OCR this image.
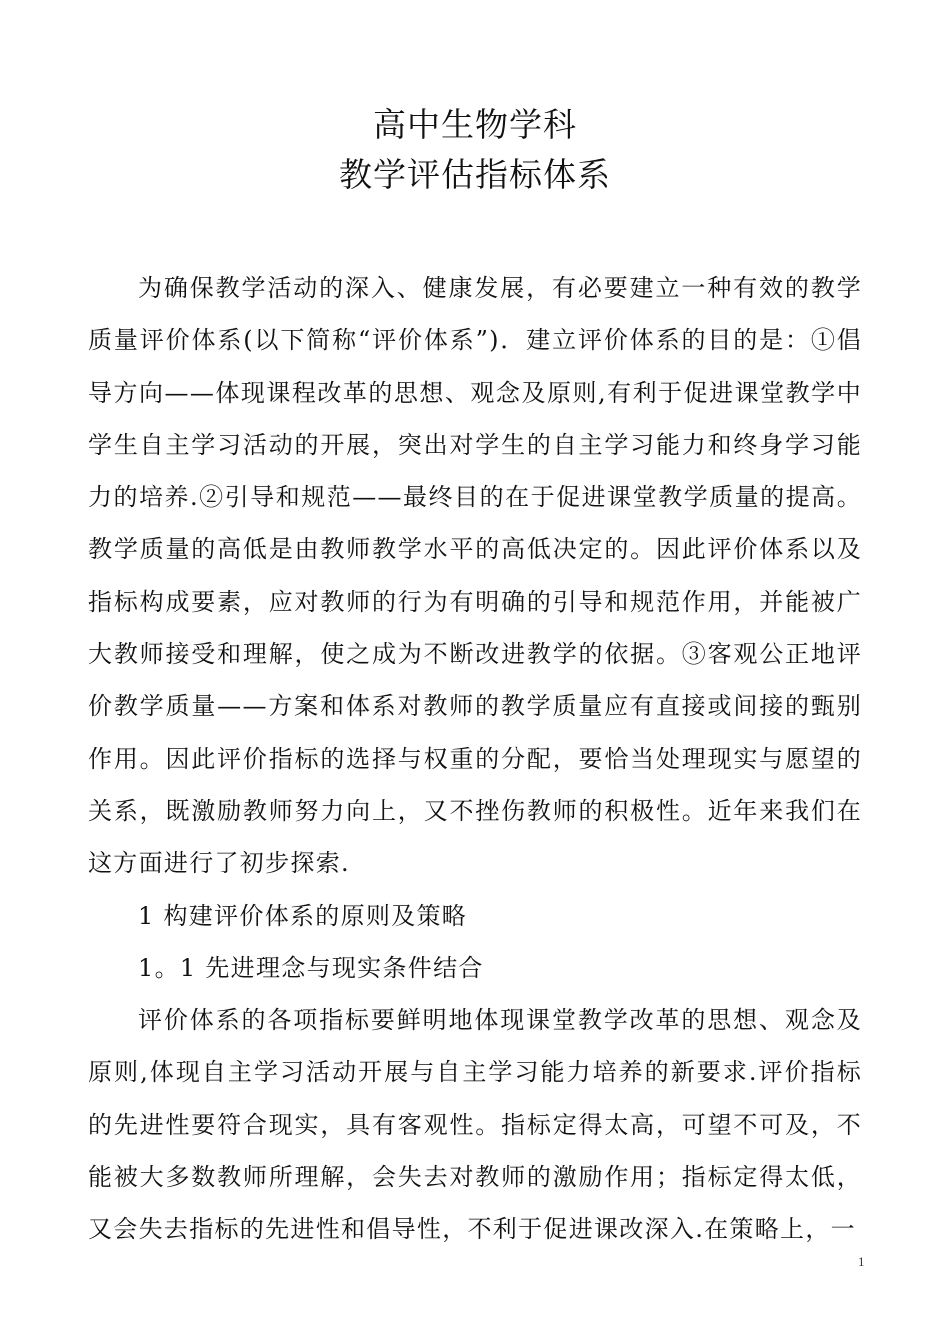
高中生物学科
教学评估指标体系

为确保教学活动的深入、健康发展，有必要建立一种有效的教学质量评价体系(以下简称“评价体系”)．建立评价体系的目的是：①倡导方向——体现课程改革的思想、观念及原则,有利于促进课堂教学中学生自主学习活动的开展，突出对学生的自主学习能力和终身学习能力的培养.②引导和规范——最终目的在于促进课堂教学质量的提高。教学质量的高低是由教师教学水平的高低决定的。因此评价体系以及指标构成要素，应对教师的行为有明确的引导和规范作用，并能被广大教师接受和理解，使之成为不断改进教学的依据。③客观公正地评价教学质量——方案和体系对教师的教学质量应有直接或间接的甄别作用。因此评价指标的选择与权重的分配，要恰当处理现实与愿望的关系，既激励教师努力向上，又不挫伤教师的积极性。近年来我们在这方面进行了初步探索.

1 构建评价体系的原则及策略

1。1 先进理念与现实条件结合

评价体系的各项指标要鲜明地体现课堂教学改革的思想、观念及原则,体现自主学习活动开展与自主学习能力培养的新要求.评价指标的先进性要符合现实，具有客观性。指标定得太高，可望不可及，不能被大多数教师所理解，会失去对教师的激励作用；指标定得太低，又会失去指标的先进性和倡导性，不利于促进课改深入.在策略上，一

1
